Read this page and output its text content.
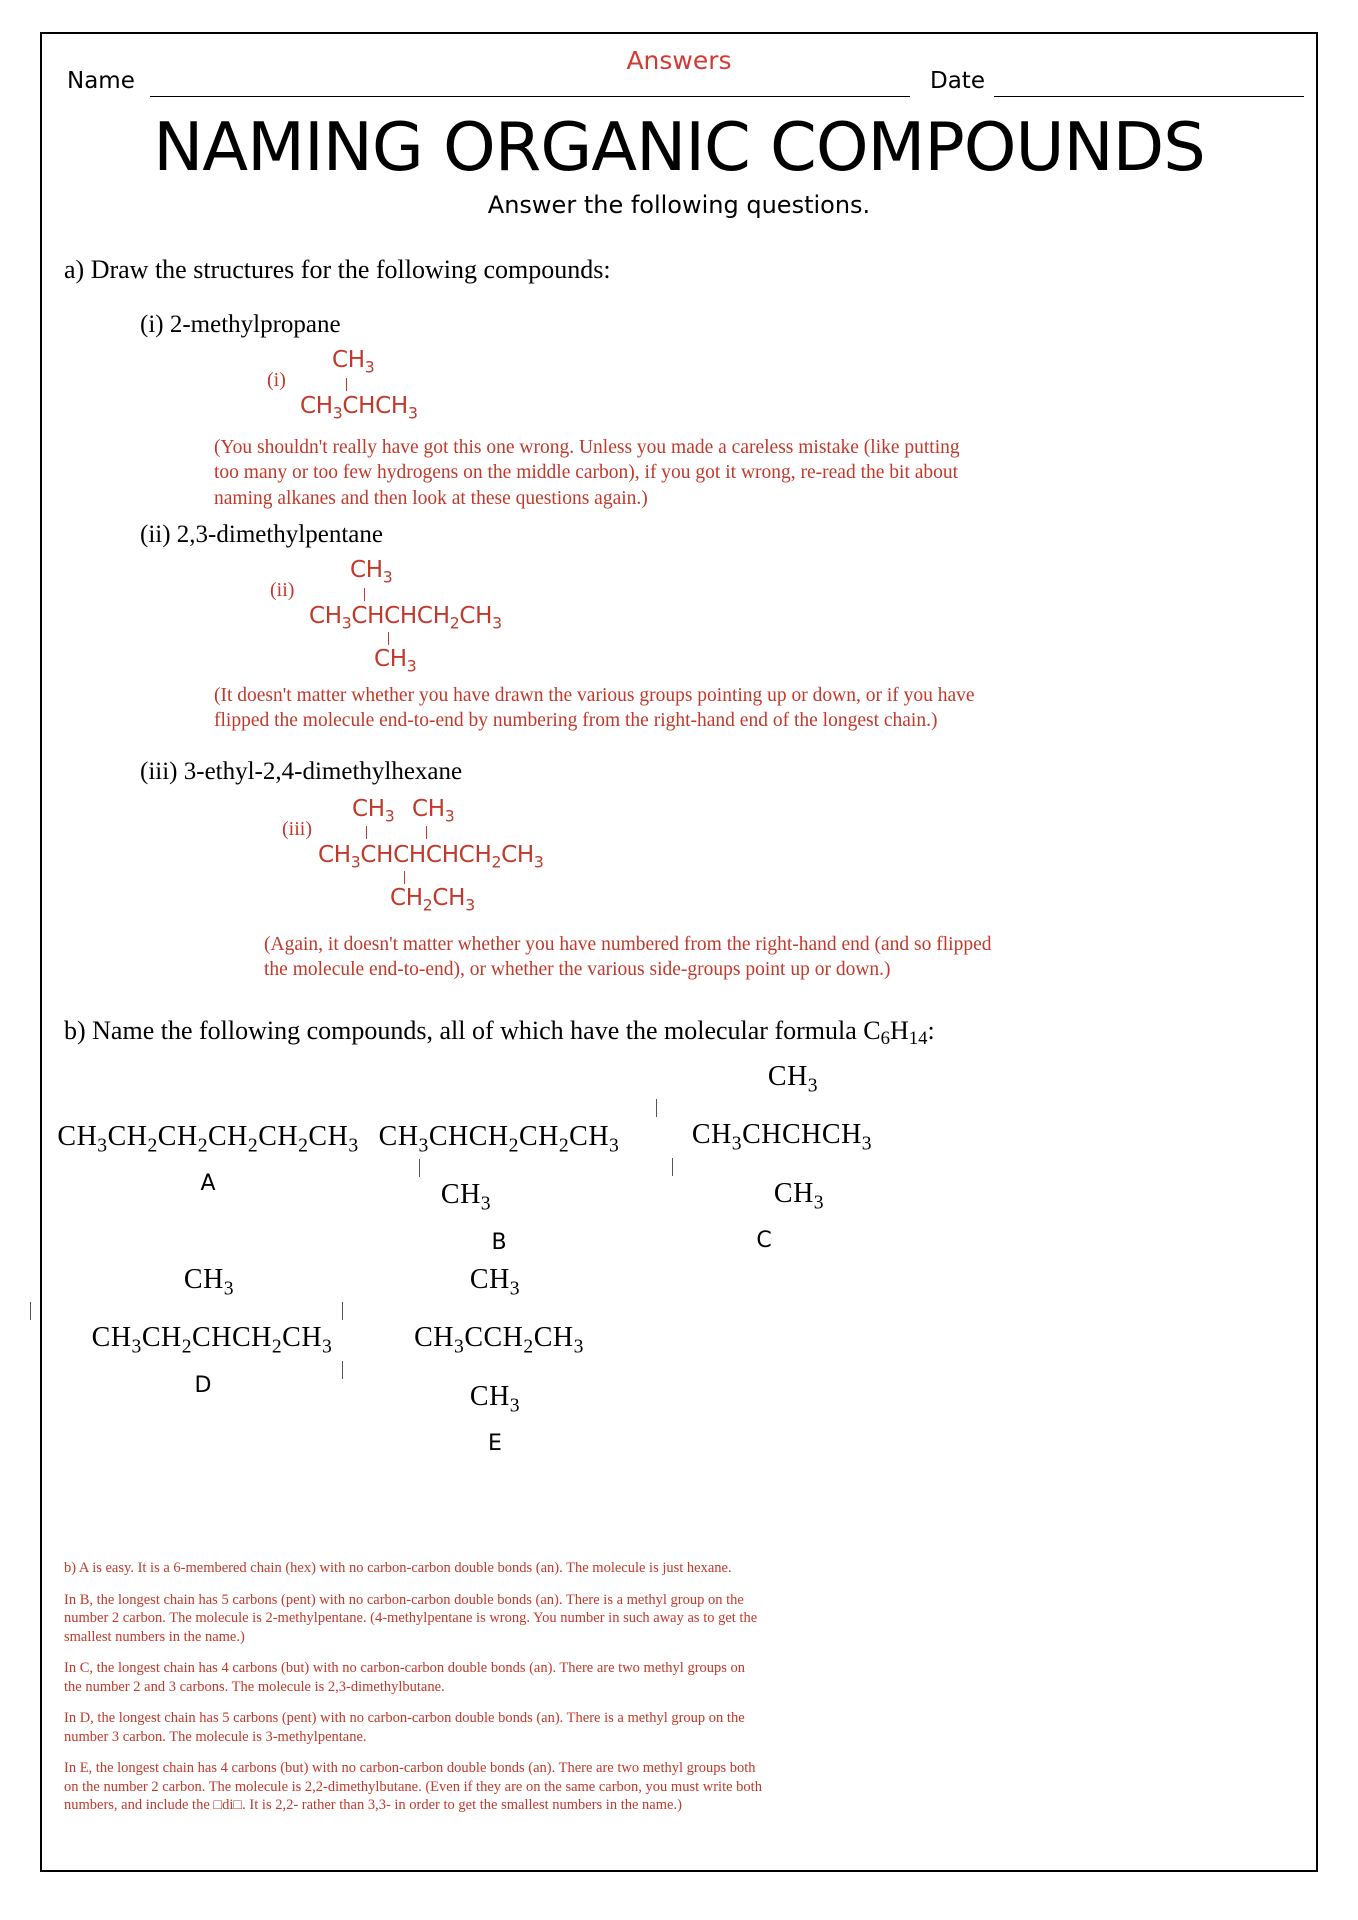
Answers
Name	Date
NAMING ORGANIC COMPOUNDS
Answer the following questions.
a) Draw the structures for the following compounds:
(i) 2-methylpropane
(i)
$CH_3$
$CH_3CHCH_3$
(You shouldn't really have got this one wrong. Unless you made a careless mistake (like putting too many or too few hydrogens on the middle carbon), if you got it wrong, re-read the bit about naming alkanes and then look at these questions again.)
(ii) 2,3-dimethylpentane
(ii)
$CH_3$
$CH_3CHCHCH_2CH_3$
$CH_3$
(It doesn't matter whether you have drawn the various groups pointing up or down, or if you have flipped the molecule end-to-end by numbering from the right-hand end of the longest chain.)
(iii) 3-ethyl-2,4-dimethylhexane
(iii)
$CH_3$ $CH_3$
$CH_3CHCHCHCH_2CH_3$
$CH_2CH_3$
(Again, it doesn't matter whether you have numbered from the right-hand end (and so flipped the molecule end-to-end), or whether the various side-groups point up or down.)
b) Name the following compounds, all of which have the molecular formula $C_6H_{14}$:
$CH_3CH_2CH_2CH_2CH_2CH_3$
A
$CH_3CHCH_2CH_2CH_3$
$CH_3$
B
$CH_3$
$CH_3CHCHCH_3$
$CH_3$
C
$CH_3$
$CH_3CH_2CHCH_2CH_3$
D
$CH_3$
$CH_3CCH_2CH_3$
$CH_3$
E

b) A is easy. It is a 6-membered chain (hex) with no carbon-carbon double bonds (an). The molecule is just hexane.

In B, the longest chain has 5 carbons (pent) with no carbon-carbon double bonds (an). There is a methyl group on the number 2 carbon. The molecule is 2-methylpentane. (4-methylpentane is wrong. You number in such away as to get the smallest numbers in the name.)

In C, the longest chain has 4 carbons (but) with no carbon-carbon double bonds (an). There are two methyl groups on the number 2 and 3 carbons. The molecule is 2,3-dimethylbutane.

In D, the longest chain has 5 carbons (pent) with no carbon-carbon double bonds (an). There is a methyl group on the number 3 carbon. The molecule is 3-methylpentane.

In E, the longest chain has 4 carbons (but) with no carbon-carbon double bonds (an). There are two methyl groups both on the number 2 carbon. The molecule is 2,2-dimethylbutane. (Even if they are on the same carbon, you must write both numbers, and include the □di□. It is 2,2- rather than 3,3- in order to get the smallest numbers in the name.)
